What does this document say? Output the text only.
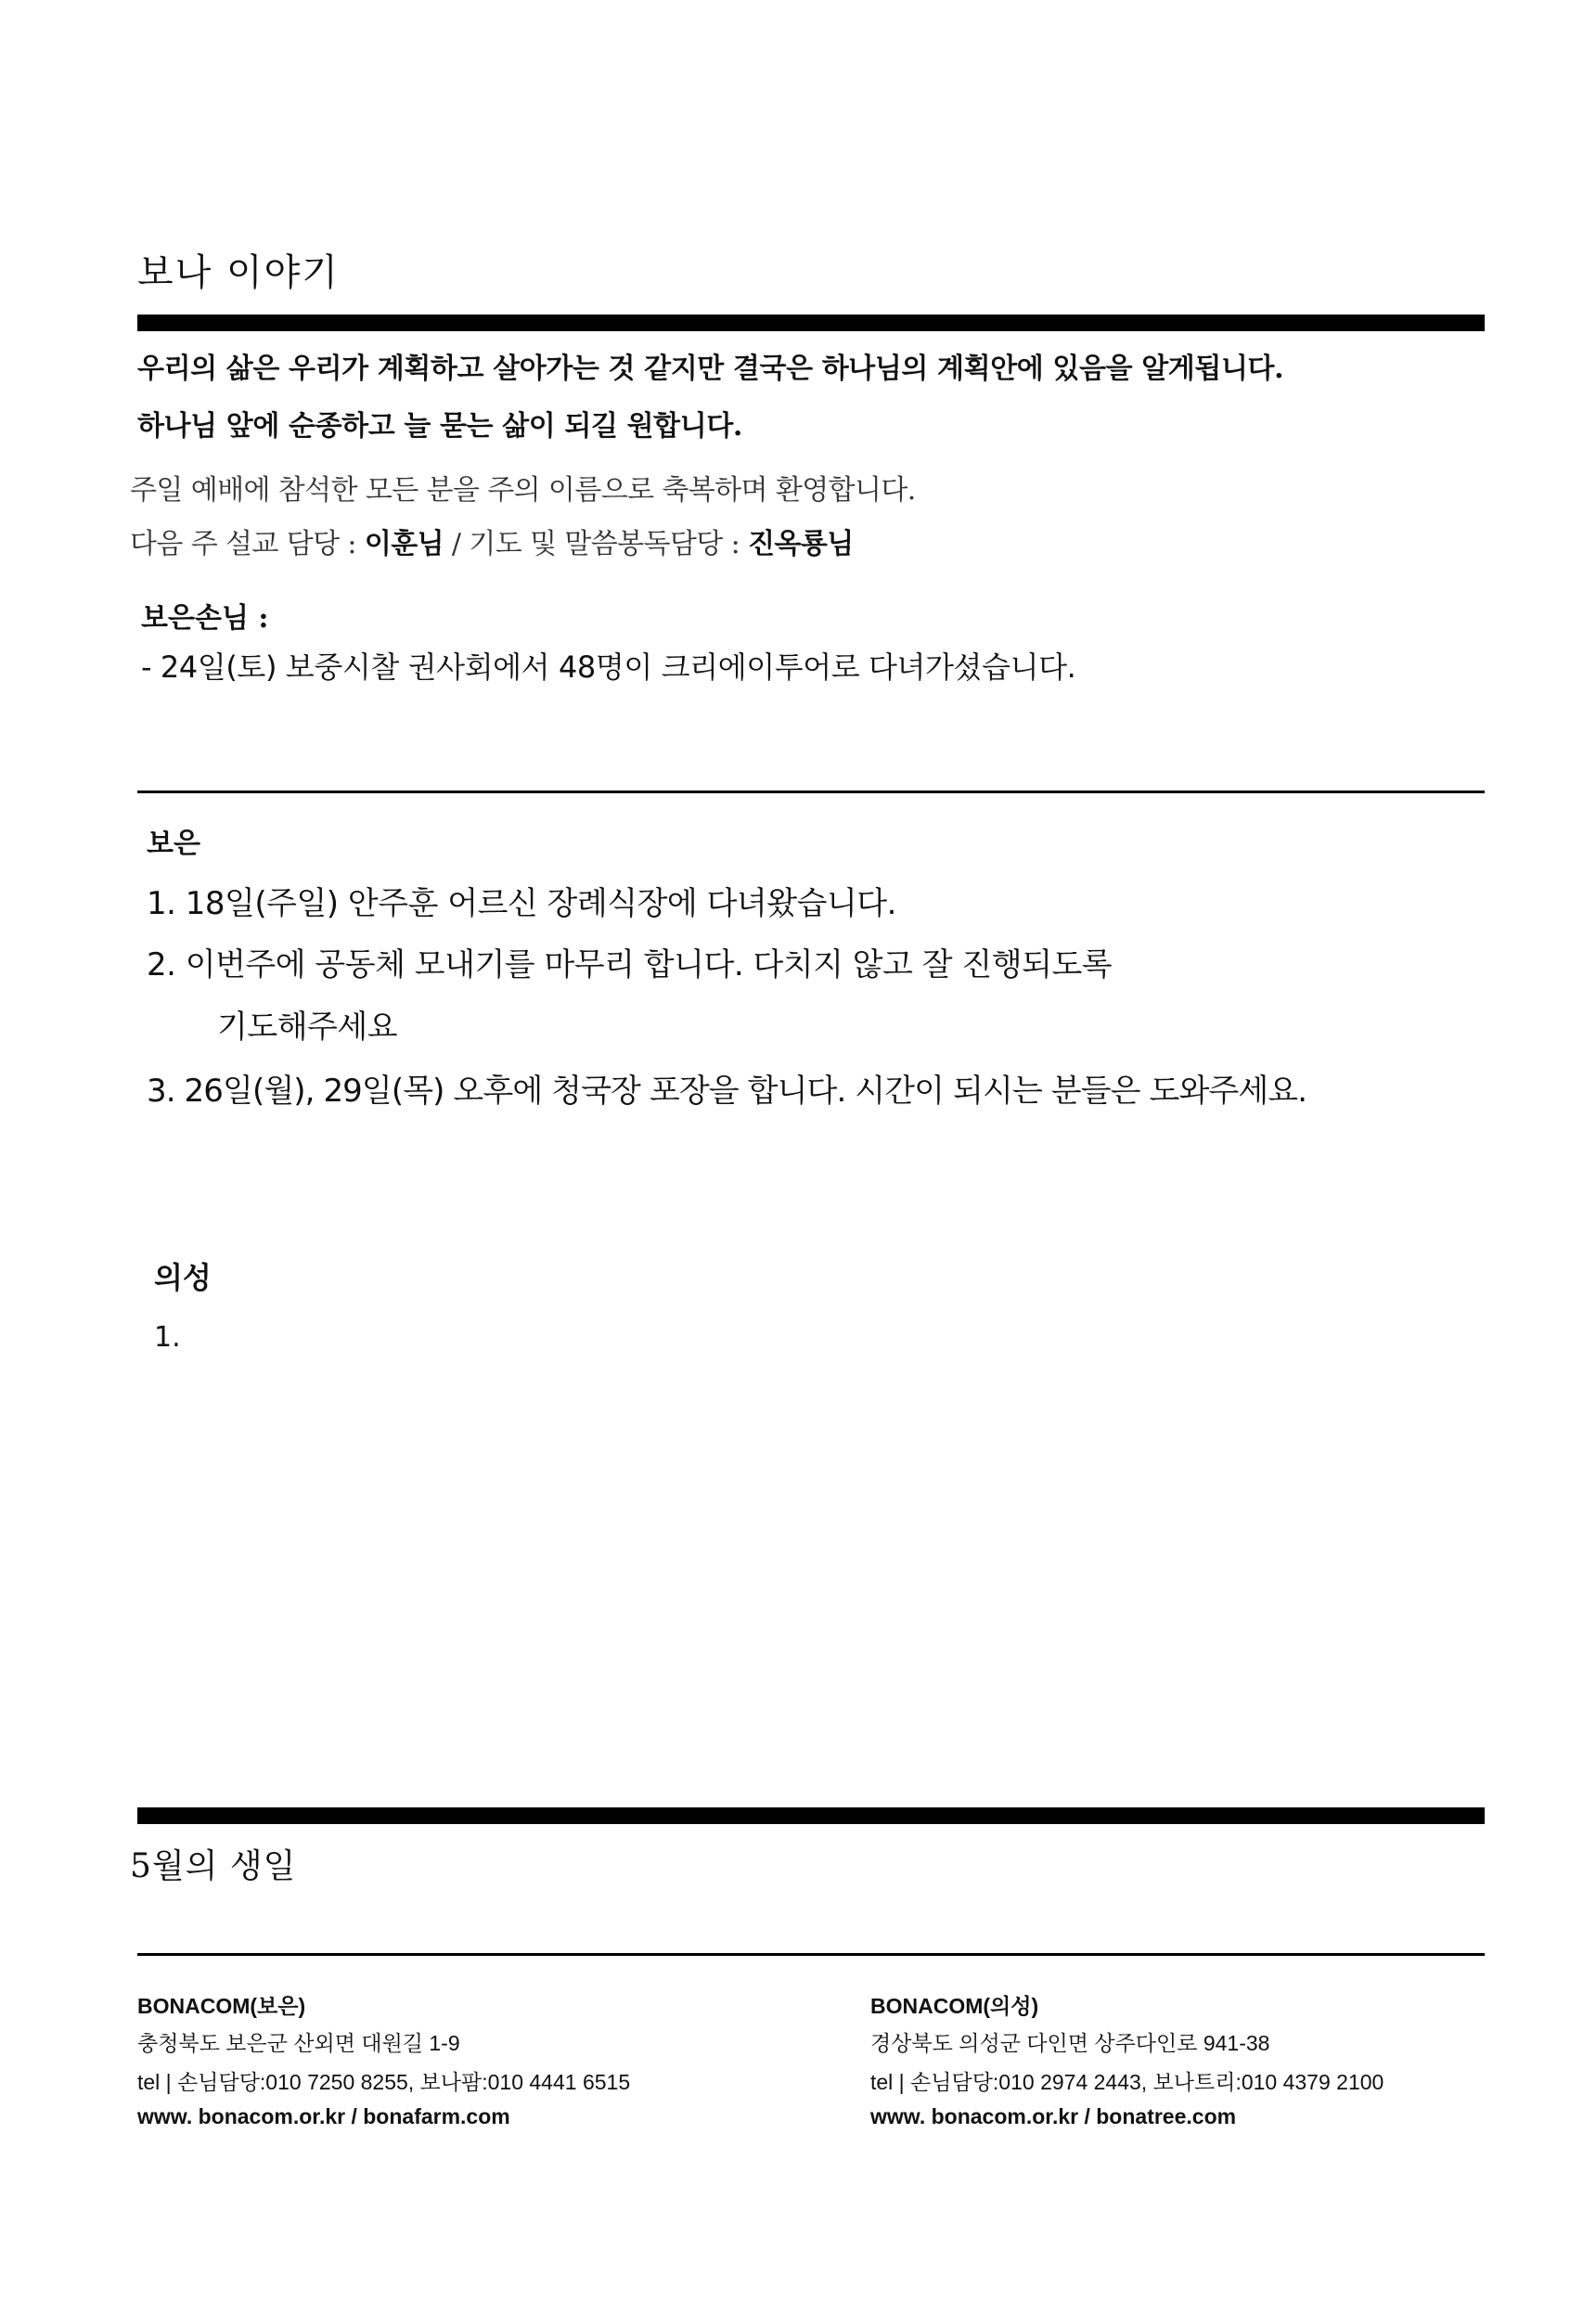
보나 이야기
우리의 삶은 우리가 계획하고 살아가는 것 같지만 결국은 하나님의 계획안에 있음을 알게됩니다.
하나님 앞에 순종하고 늘 묻는 삶이 되길 원합니다.
주일 예배에 참석한 모든 분을 주의 이름으로 축복하며 환영합니다.
다음 주 설교 담당 : 이훈님 / 기도 및 말씀봉독담당 : 진옥룡님
보은손님 :
- 24일(토) 보중시찰 권사회에서 48명이 크리에이투어로 다녀가셨습니다.
보은
1. 18일(주일) 안주훈 어르신 장례식장에 다녀왔습니다.
2. 이번주에 공동체 모내기를 마무리 합니다. 다치지 않고 잘 진행되도록
기도해주세요
3. 26일(월), 29일(목) 오후에 청국장 포장을 합니다. 시간이 되시는 분들은 도와주세요.
의성
1.
5월의 생일
BONACOM(보은)
충청북도 보은군 산외면 대원길 1-9
tel | 손님담당:010 7250 8255, 보나팜:010 4441 6515
www. bonacom.or.kr / bonafarm.com
BONACOM(의성)
경상북도 의성군 다인면 상주다인로 941-38
tel | 손님담당:010 2974 2443, 보나트리:010 4379 2100
www. bonacom.or.kr / bonatree.com
